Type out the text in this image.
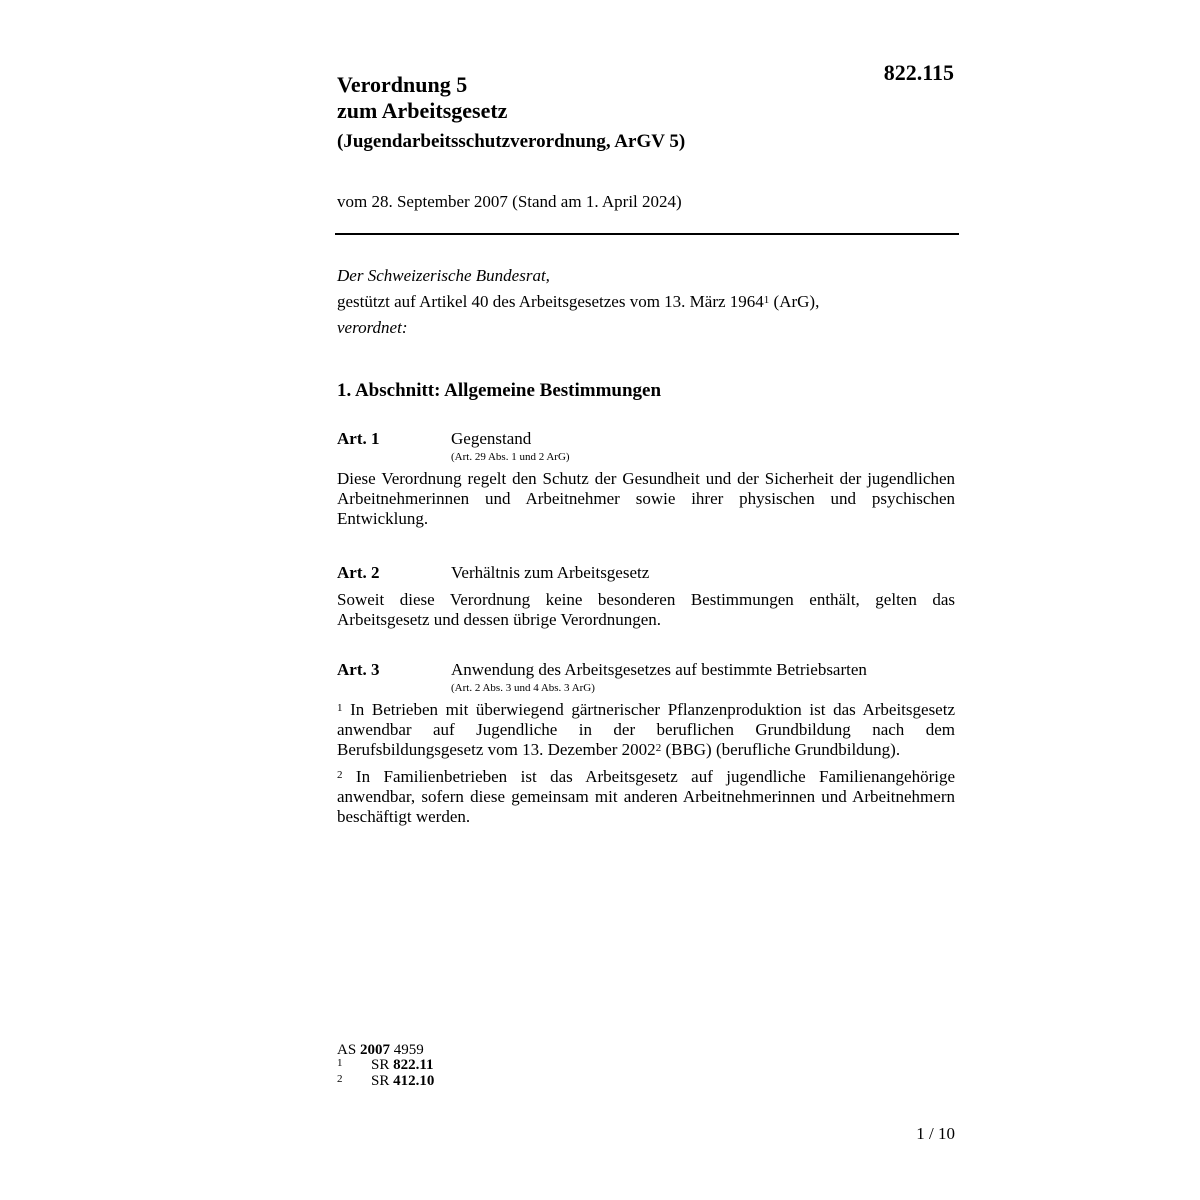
822.115
Verordnung 5
zum Arbeitsgesetz
(Jugendarbeitsschutzverordnung, ArGV 5)
vom 28. September 2007 (Stand am 1. April 2024)
Der Schweizerische Bundesrat,
gestützt auf Artikel 40 des Arbeitsgesetzes vom 13. März 1964$^1$ (ArG),
verordnet:
1. Abschnitt: Allgemeine Bestimmungen
Art. 1	Gegenstand
(Art. 29 Abs. 1 und 2 ArG)
Diese Verordnung regelt den Schutz der Gesundheit und der Sicherheit der jugendlichen Arbeitnehmerinnen und Arbeitnehmer sowie ihrer physischen und psychischen Entwicklung.
Art. 2	Verhältnis zum Arbeitsgesetz
Soweit diese Verordnung keine besonderen Bestimmungen enthält, gelten das Arbeitsgesetz und dessen übrige Verordnungen.
Art. 3	Anwendung des Arbeitsgesetzes auf bestimmte Betriebsarten
(Art. 2 Abs. 3 und 4 Abs. 3 ArG)
$^1$ In Betrieben mit überwiegend gärtnerischer Pflanzenproduktion ist das Arbeitsgesetz anwendbar auf Jugendliche in der beruflichen Grundbildung nach dem Berufsbildungsgesetz vom 13. Dezember 2002$^2$ (BBG) (berufliche Grundbildung).
$^2$ In Familienbetrieben ist das Arbeitsgesetz auf jugendliche Familienangehörige anwendbar, sofern diese gemeinsam mit anderen Arbeitnehmerinnen und Arbeitnehmern beschäftigt werden.
AS 2007 4959
1	SR 822.11
2	SR 412.10
1 / 10
